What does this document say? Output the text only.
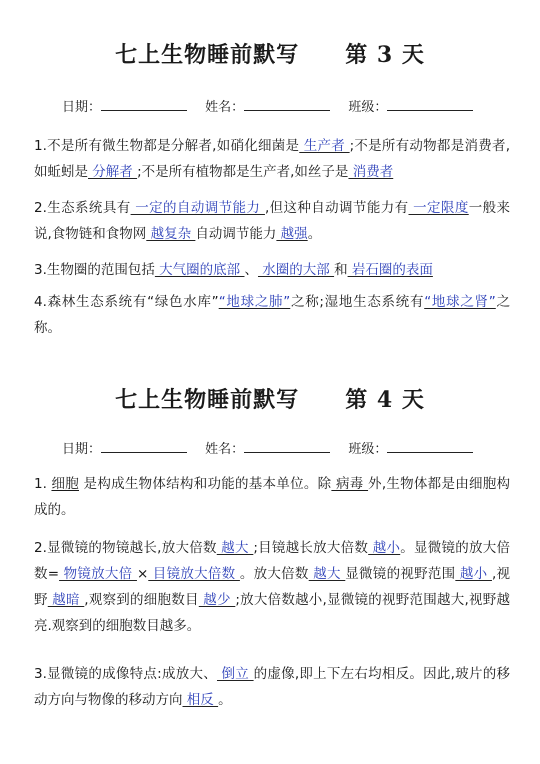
七上生物睡前默写 第 3 天
日期：	姓名：	班级：
1.不是所有微生物都是分解者,如硝化细菌是 生产者 ;不是所有动物都是消费者,如蚯蚓是 分解者 ;不是所有植物都是生产者,如丝子是 消费者
2.生态系统具有 一定的自动调节能力 ,但这种自动调节能力有 一定限度一般来说,食物链和食物网 越复杂 自动调节能力 越强。
3.生物圈的范围包括 大气圈的底部 、 水圈的大部 和 岩石圈的表面
4.森林生态系统有“绿色水库”“地球之肺”之称;湿地生态系统有“地球之肾”之称。
七上生物睡前默写 第 4 天
日期：	姓名：	班级：
1. 细胞 是构成生物体结构和功能的基本单位。除 病毒 外,生物体都是由细胞构成的。
2.显微镜的物镜越长,放大倍数 越大 ;目镜越长放大倍数 越小。显微镜的放大倍数= 物镜放大倍 × 目镜放大倍数 。放大倍数 越大 显微镜的视野范围 越小 ,视野 越暗 ,观察到的细胞数目 越少 ;放大倍数越小,显微镜的视野范围越大,视野越亮.观察到的细胞数目越多。
3.显微镜的成像特点:成放大、 倒立 的虚像,即上下左右均相反。因此,玻片的移动方向与物像的移动方向 相反 。
